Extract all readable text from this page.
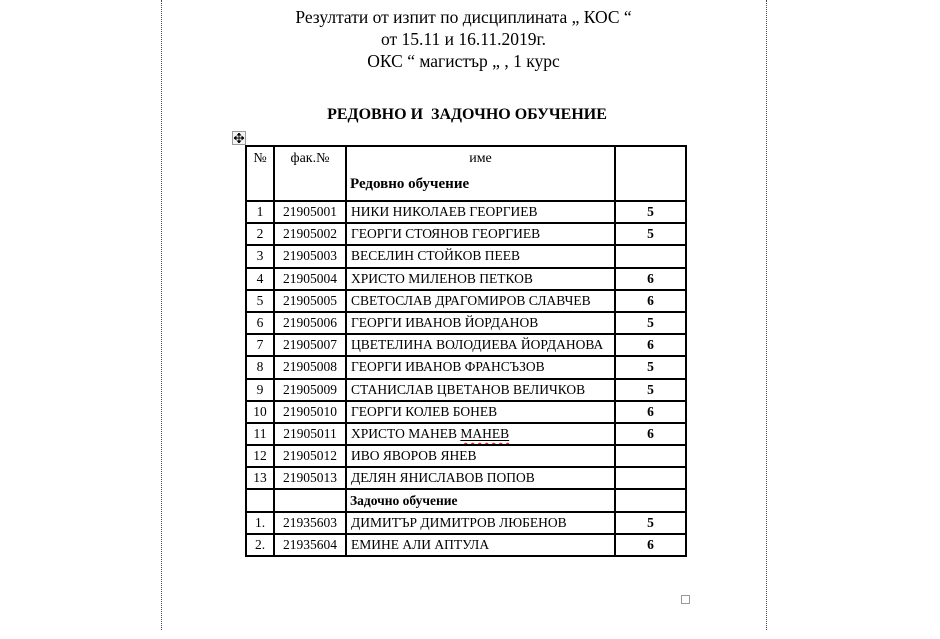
Резултати от изпит по дисциплината „ КОС “
от 15.11 и 16.11.2019г.
ОКС “ магистър „ , 1 курс
РЕДОВНО И  ЗАДОЧНО ОБУЧЕНИЕ
№	фак.№	име
Редовно обучение	

1	21905001	НИКИ НИКОЛАЕВ ГЕОРГИЕВ	5
2	21905002	ГЕОРГИ СТОЯНОВ ГЕОРГИЕВ	5
3	21905003	ВЕСЕЛИН СТОЙКОВ ПЕЕВ	
4	21905004	ХРИСТО МИЛЕНОВ ПЕТКОВ	6
5	21905005	СВЕТОСЛАВ ДРАГОМИРОВ СЛАВЧЕВ	6
6	21905006	ГЕОРГИ ИВАНОВ ЙОРДАНОВ	5
7	21905007	ЦВЕТЕЛИНА ВОЛОДИЕВА ЙОРДАНОВА	6
8	21905008	ГЕОРГИ ИВАНОВ ФРАНСЪЗОВ	5
9	21905009	СТАНИСЛАВ ЦВЕТАНОВ ВЕЛИЧКОВ	5
10	21905010	ГЕОРГИ КОЛЕВ БОНЕВ	6
11	21905011	ХРИСТО МАНЕВ МАНЕВ	6
12	21905012	ИВО ЯВОРОВ ЯНЕВ	
13	21905013	ДЕЛЯН ЯНИСЛАВОВ ПОПОВ	
		Задочно обучение	
1.	21935603	ДИМИТЪР ДИМИТРОВ ЛЮБЕНОВ	5
2.	21935604	ЕМИНЕ АЛИ АПТУЛА	6
